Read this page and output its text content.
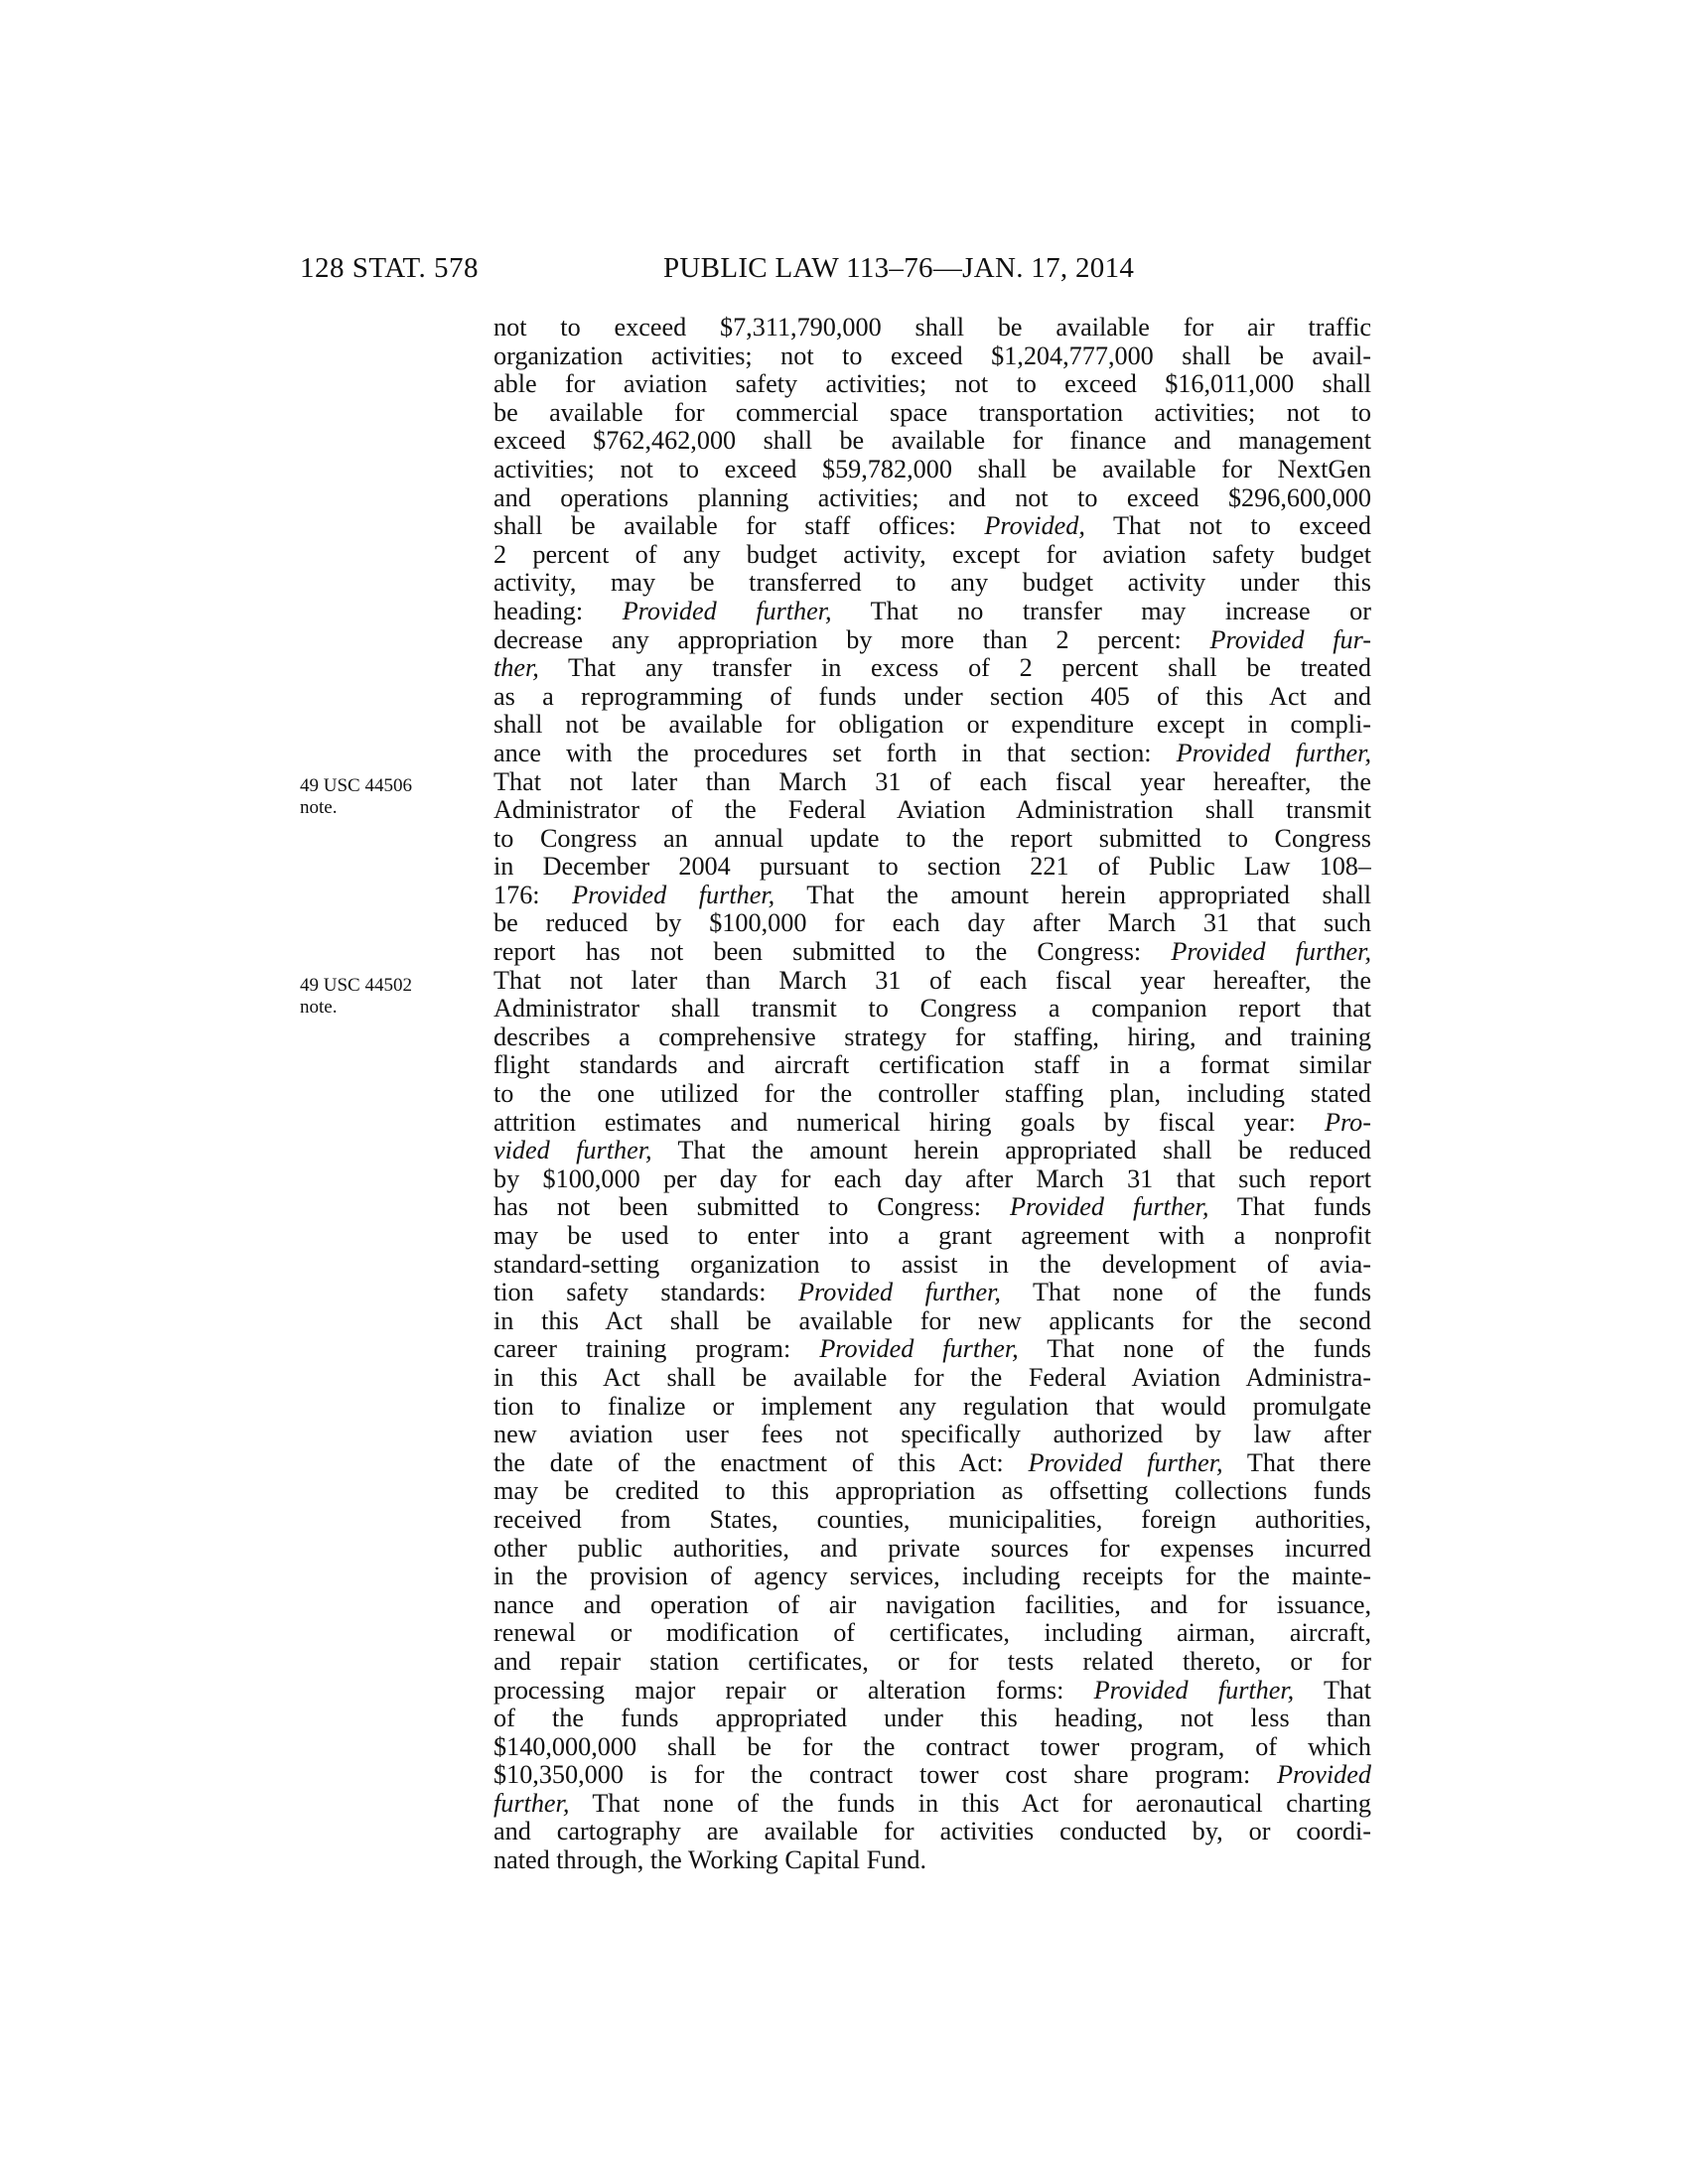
128 STAT. 578	PUBLIC LAW 113–76—JAN. 17, 2014
49 USC 44506
note.
49 USC 44502
note.
not to exceed $7,311,790,000 shall be available for air traffic
organization activities; not to exceed $1,204,777,000 shall be avail-
able for aviation safety activities; not to exceed $16,011,000 shall
be available for commercial space transportation activities; not to
exceed $762,462,000 shall be available for finance and management
activities; not to exceed $59,782,000 shall be available for NextGen
and operations planning activities; and not to exceed $296,600,000
shall be available for staff offices: Provided, That not to exceed
2 percent of any budget activity, except for aviation safety budget
activity, may be transferred to any budget activity under this
heading: Provided further, That no transfer may increase or
decrease any appropriation by more than 2 percent: Provided fur-
ther, That any transfer in excess of 2 percent shall be treated
as a reprogramming of funds under section 405 of this Act and
shall not be available for obligation or expenditure except in compli-
ance with the procedures set forth in that section: Provided further,
That not later than March 31 of each fiscal year hereafter, the
Administrator of the Federal Aviation Administration shall transmit
to Congress an annual update to the report submitted to Congress
in December 2004 pursuant to section 221 of Public Law 108–
176: Provided further, That the amount herein appropriated shall
be reduced by $100,000 for each day after March 31 that such
report has not been submitted to the Congress: Provided further,
That not later than March 31 of each fiscal year hereafter, the
Administrator shall transmit to Congress a companion report that
describes a comprehensive strategy for staffing, hiring, and training
flight standards and aircraft certification staff in a format similar
to the one utilized for the controller staffing plan, including stated
attrition estimates and numerical hiring goals by fiscal year: Pro-
vided further, That the amount herein appropriated shall be reduced
by $100,000 per day for each day after March 31 that such report
has not been submitted to Congress: Provided further, That funds
may be used to enter into a grant agreement with a nonprofit
standard-setting organization to assist in the development of avia-
tion safety standards: Provided further, That none of the funds
in this Act shall be available for new applicants for the second
career training program: Provided further, That none of the funds
in this Act shall be available for the Federal Aviation Administra-
tion to finalize or implement any regulation that would promulgate
new aviation user fees not specifically authorized by law after
the date of the enactment of this Act: Provided further, That there
may be credited to this appropriation as offsetting collections funds
received from States, counties, municipalities, foreign authorities,
other public authorities, and private sources for expenses incurred
in the provision of agency services, including receipts for the mainte-
nance and operation of air navigation facilities, and for issuance,
renewal or modification of certificates, including airman, aircraft,
and repair station certificates, or for tests related thereto, or for
processing major repair or alteration forms: Provided further, That
of the funds appropriated under this heading, not less than
$140,000,000 shall be for the contract tower program, of which
$10,350,000 is for the contract tower cost share program: Provided
further, That none of the funds in this Act for aeronautical charting
and cartography are available for activities conducted by, or coordi-
nated through, the Working Capital Fund.
